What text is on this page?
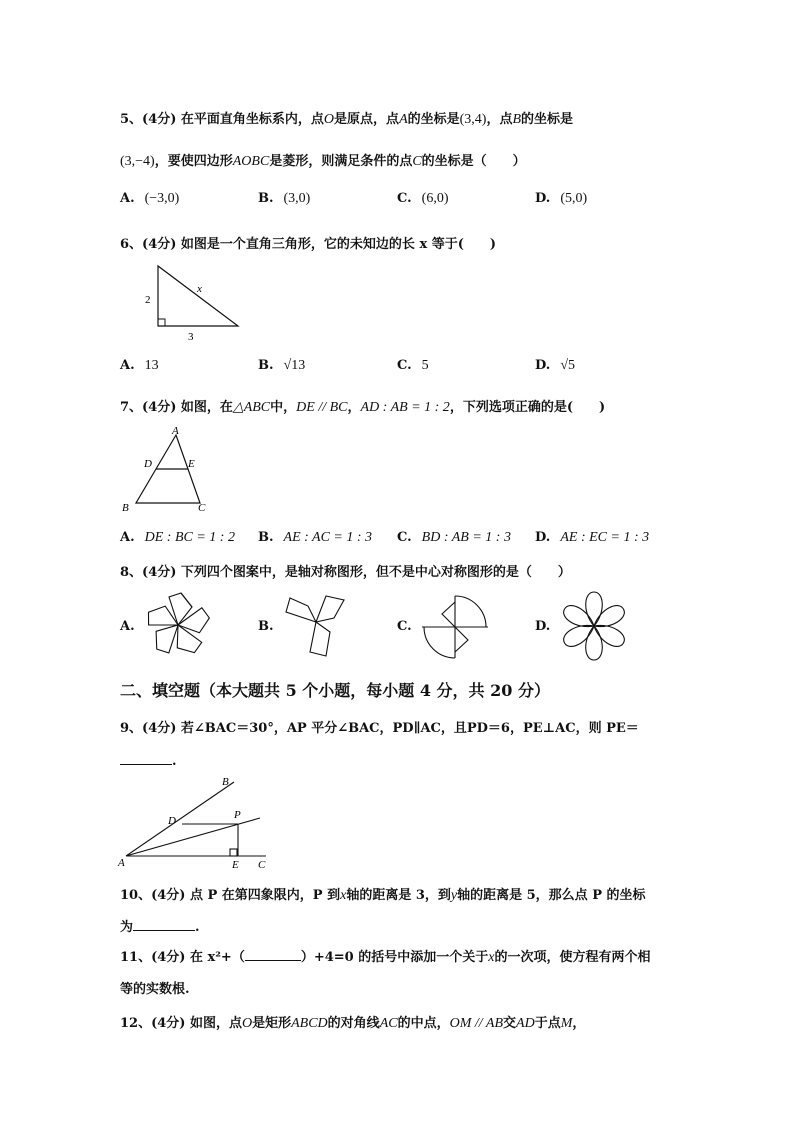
5、(4分) 在平面直角坐标系内，点O是原点，点A的坐标是(3,4)，点B的坐标是
(3,−4)，要使四边形AOBC是菱形，则满足条件的点C的坐标是（　　）
A. (−3,0)	B. (3,0)	C. (6,0)	D. (5,0)
6、(4分) 如图是一个直角三角形，它的未知边的长 x 等于(　　)
2
3
x
A. 13	B. √13	C. 5	D. √5
7、(4分) 如图，在△ABC中，DE // BC，AD : AB = 1 : 2，下列选项正确的是(　　)
A
D	E
B	C
A. DE : BC = 1 : 2 B. AE : AC = 1 : 3 C. BD : AB = 1 : 3 D. AE : EC = 1 : 3
8、(4分) 下列四个图案中，是轴对称图形，但不是中心对称图形的是（　　）
A.	B.	C.	D.
二、填空题（本大题共 5 个小题，每小题 4 分，共 20 分）
9、(4分) 若∠BAC＝30°，AP 平分∠BAC，PD∥AC，且PD＝6，PE⊥AC，则 PE＝
.
B
D	P
A	E C
10、(4分) 点 P 在第四象限内，P 到x轴的距离是 3，到y轴的距离是 5，那么点 P 的坐标
为	.
11、(4分) 在 x²+（	）+4=0 的括号中添加一个关于x的一次项，使方程有两个相
等的实数根.
12、(4分) 如图，点O是矩形ABCD的对角线AC的中点，OM // AB交AD于点M，
